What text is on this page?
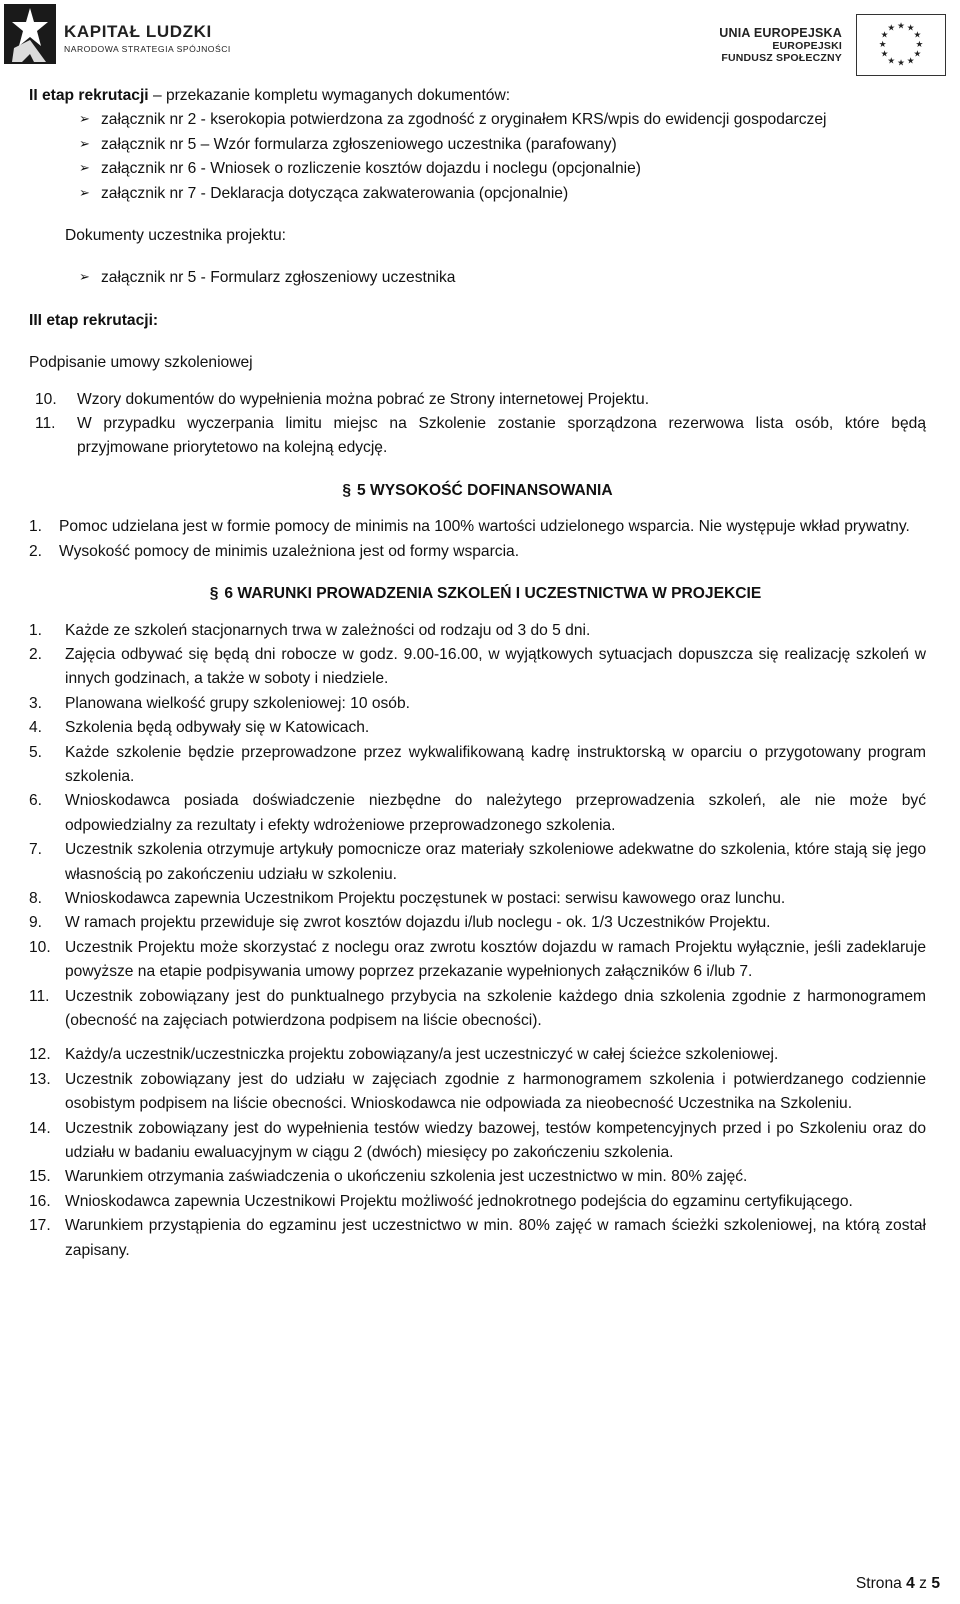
KAPITAŁ LUDZKI
NARODOWA STRATEGIA SPÓJNOŚCI
UNIA EUROPEJSKA
EUROPEJSKI
FUNDUSZ SPOŁECZNY
★ ★
★
★
★
★
★
★
★
★
★
★

II etap rekrutacji – przekazanie kompletu wymaganych dokumentów:

➢ załącznik nr 2 - kserokopia potwierdzona za zgodność z oryginałem KRS/wpis do ewidencji gospodarczej
➢ załącznik nr 5 – Wzór formularza zgłoszeniowego uczestnika (parafowany)
➢ załącznik nr 6 - Wniosek o rozliczenie kosztów dojazdu i noclegu (opcjonalnie)
➢ załącznik nr 7 - Deklaracja dotycząca zakwaterowania (opcjonalnie)

Dokumenty uczestnika projektu:

➢ załącznik nr 5 - Formularz zgłoszeniowy uczestnika

III etap rekrutacji:

Podpisanie umowy szkoleniowej

10.	Wzory dokumentów do wypełnienia można pobrać ze Strony internetowej Projektu.
11.	W przypadku wyczerpania limitu miejsc na Szkolenie zostanie sporządzona rezerwowa lista osób, które będą przyjmowane priorytetowo na kolejną edycję.

§ 5 WYSOKOŚĆ DOFINANSOWANIA

1.	Pomoc udzielana jest w formie pomocy de minimis na 100% wartości udzielonego wsparcia. Nie występuje wkład prywatny.
2.	Wysokość pomocy de minimis uzależniona jest od formy wsparcia.

§ 6 WARUNKI PROWADZENIA SZKOLEŃ I UCZESTNICTWA W PROJEKCIE

1.	Każde ze szkoleń stacjonarnych trwa w zależności od rodzaju od 3 do 5 dni.
2.	Zajęcia odbywać się będą dni robocze w godz. 9.00-16.00, w wyjątkowych sytuacjach dopuszcza się realizację szkoleń w innych godzinach, a także w soboty i niedziele.
3.	Planowana wielkość grupy szkoleniowej: 10 osób.
4.	Szkolenia będą odbywały się w Katowicach.
5.	Każde szkolenie będzie przeprowadzone przez wykwalifikowaną kadrę instruktorską w oparciu o przygotowany program szkolenia.
6.	Wnioskodawca posiada doświadczenie niezbędne do należytego przeprowadzenia szkoleń, ale nie może być odpowiedzialny za rezultaty i efekty wdrożeniowe przeprowadzonego szkolenia.
7.	Uczestnik szkolenia otrzymuje artykuły pomocnicze oraz materiały szkoleniowe adekwatne do szkolenia, które stają się jego własnością po zakończeniu udziału w szkoleniu.
8.	Wnioskodawca zapewnia Uczestnikom Projektu poczęstunek w postaci: serwisu kawowego oraz lunchu.
9.	W ramach projektu przewiduje się zwrot kosztów dojazdu i/lub noclegu - ok. 1/3 Uczestników Projektu.
10. Uczestnik Projektu może skorzystać z noclegu oraz zwrotu kosztów dojazdu w ramach Projektu wyłącznie, jeśli zadeklaruje powyższe na etapie podpisywania umowy poprzez przekazanie wypełnionych załączników 6 i/lub 7.
11. Uczestnik zobowiązany jest do punktualnego przybycia na szkolenie każdego dnia szkolenia zgodnie z harmonogramem (obecność na zajęciach potwierdzona podpisem na liście obecności).
12. Każdy/a uczestnik/uczestniczka projektu zobowiązany/a jest uczestniczyć w całej ścieżce szkoleniowej.
13. Uczestnik zobowiązany jest do udziału w zajęciach zgodnie z harmonogramem szkolenia i potwierdzanego codziennie osobistym podpisem na liście obecności. Wnioskodawca nie odpowiada za nieobecność Uczestnika na Szkoleniu.
14. Uczestnik zobowiązany jest do wypełnienia testów wiedzy bazowej, testów kompetencyjnych przed i po Szkoleniu oraz do udziału w badaniu ewaluacyjnym w ciągu 2 (dwóch) miesięcy po zakończeniu szkolenia.
15. Warunkiem otrzymania zaświadczenia o ukończeniu szkolenia jest uczestnictwo w min. 80% zajęć.
16. Wnioskodawca zapewnia Uczestnikowi Projektu możliwość jednokrotnego podejścia do egzaminu certyfikującego.
17. Warunkiem przystąpienia do egzaminu jest uczestnictwo w min. 80% zajęć w ramach ścieżki szkoleniowej, na którą został zapisany.
Strona 4 z 5
